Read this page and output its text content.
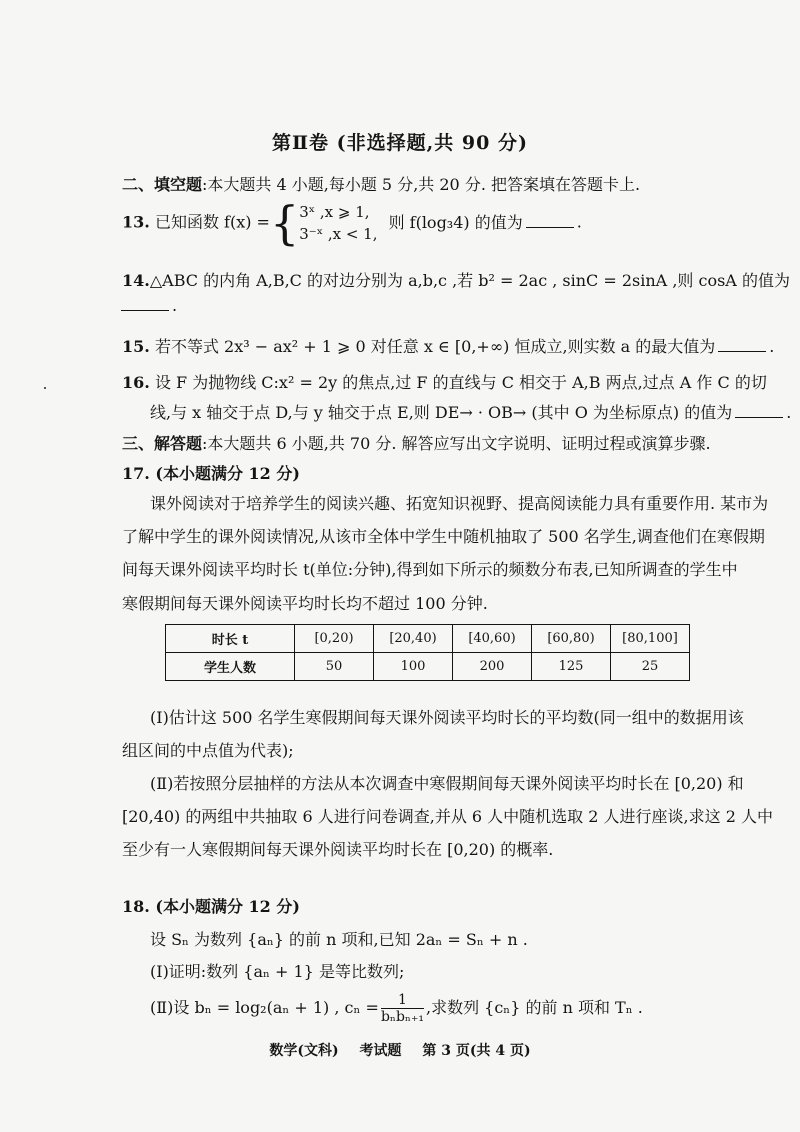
第Ⅱ卷 (非选择题,共 90 分)
二、填空题:本大题共 4 小题,每小题 5 分,共 20 分. 把答案填在答题卡上.
13. 已知函数 f(x) ={3ˣ ,x ⩾ 1,
3⁻ˣ ,x < 1, 则 f(log₃4) 的值为	.
14.△ABC 的内角 A,B,C 的对边分别为 a,b,c ,若 b² = 2ac , sinC = 2sinA ,则 cosA 的值为
.
15. 若不等式 2x³ − ax² + 1 ⩾ 0 对任意 x ∈ [0,+∞) 恒成立,则实数 a 的最大值为	.
16. 设 F 为抛物线 C:x² = 2y 的焦点,过 F 的直线与 C 相交于 A,B 两点,过点 A 作 C 的切
线,与 x 轴交于点 D,与 y 轴交于点 E,则 DE→ · OB→ (其中 O 为坐标原点) 的值为	.
三、解答题:本大题共 6 小题,共 70 分. 解答应写出文字说明、证明过程或演算步骤.
17. (本小题满分 12 分)
课外阅读对于培养学生的阅读兴趣、拓宽知识视野、提高阅读能力具有重要作用. 某市为
了解中学生的课外阅读情况,从该市全体中学生中随机抽取了 500 名学生,调查他们在寒假期
间每天课外阅读平均时长 t(单位:分钟),得到如下所示的频数分布表,已知所调查的学生中
寒假期间每天课外阅读平均时长均不超过 100 分钟.
时长 t	[0,20)	[20,40)	[40,60)	[60,80)	[80,100]
学生人数	50	100	200	125	25
(Ⅰ)估计这 500 名学生寒假期间每天课外阅读平均时长的平均数(同一组中的数据用该
组区间的中点值为代表);
(Ⅱ)若按照分层抽样的方法从本次调查中寒假期间每天课外阅读平均时长在 [0,20) 和
[20,40) 的两组中共抽取 6 人进行问卷调查,并从 6 人中随机选取 2 人进行座谈,求这 2 人中
至少有一人寒假期间每天课外阅读平均时长在 [0,20) 的概率.
18. (本小题满分 12 分)
设 Sₙ 为数列 {aₙ} 的前 n 项和,已知 2aₙ = Sₙ + n .
(Ⅰ)证明:数列 {aₙ + 1} 是等比数列;
(Ⅱ)设 bₙ = log₂(aₙ + 1) , $c_n = \frac{1}{\text{bₙbₙ₊₁}}$ ,求数列 {cₙ} 的前 n 项和 Tₙ .
数学(文科) 考试题 第 3 页(共 4 页)
